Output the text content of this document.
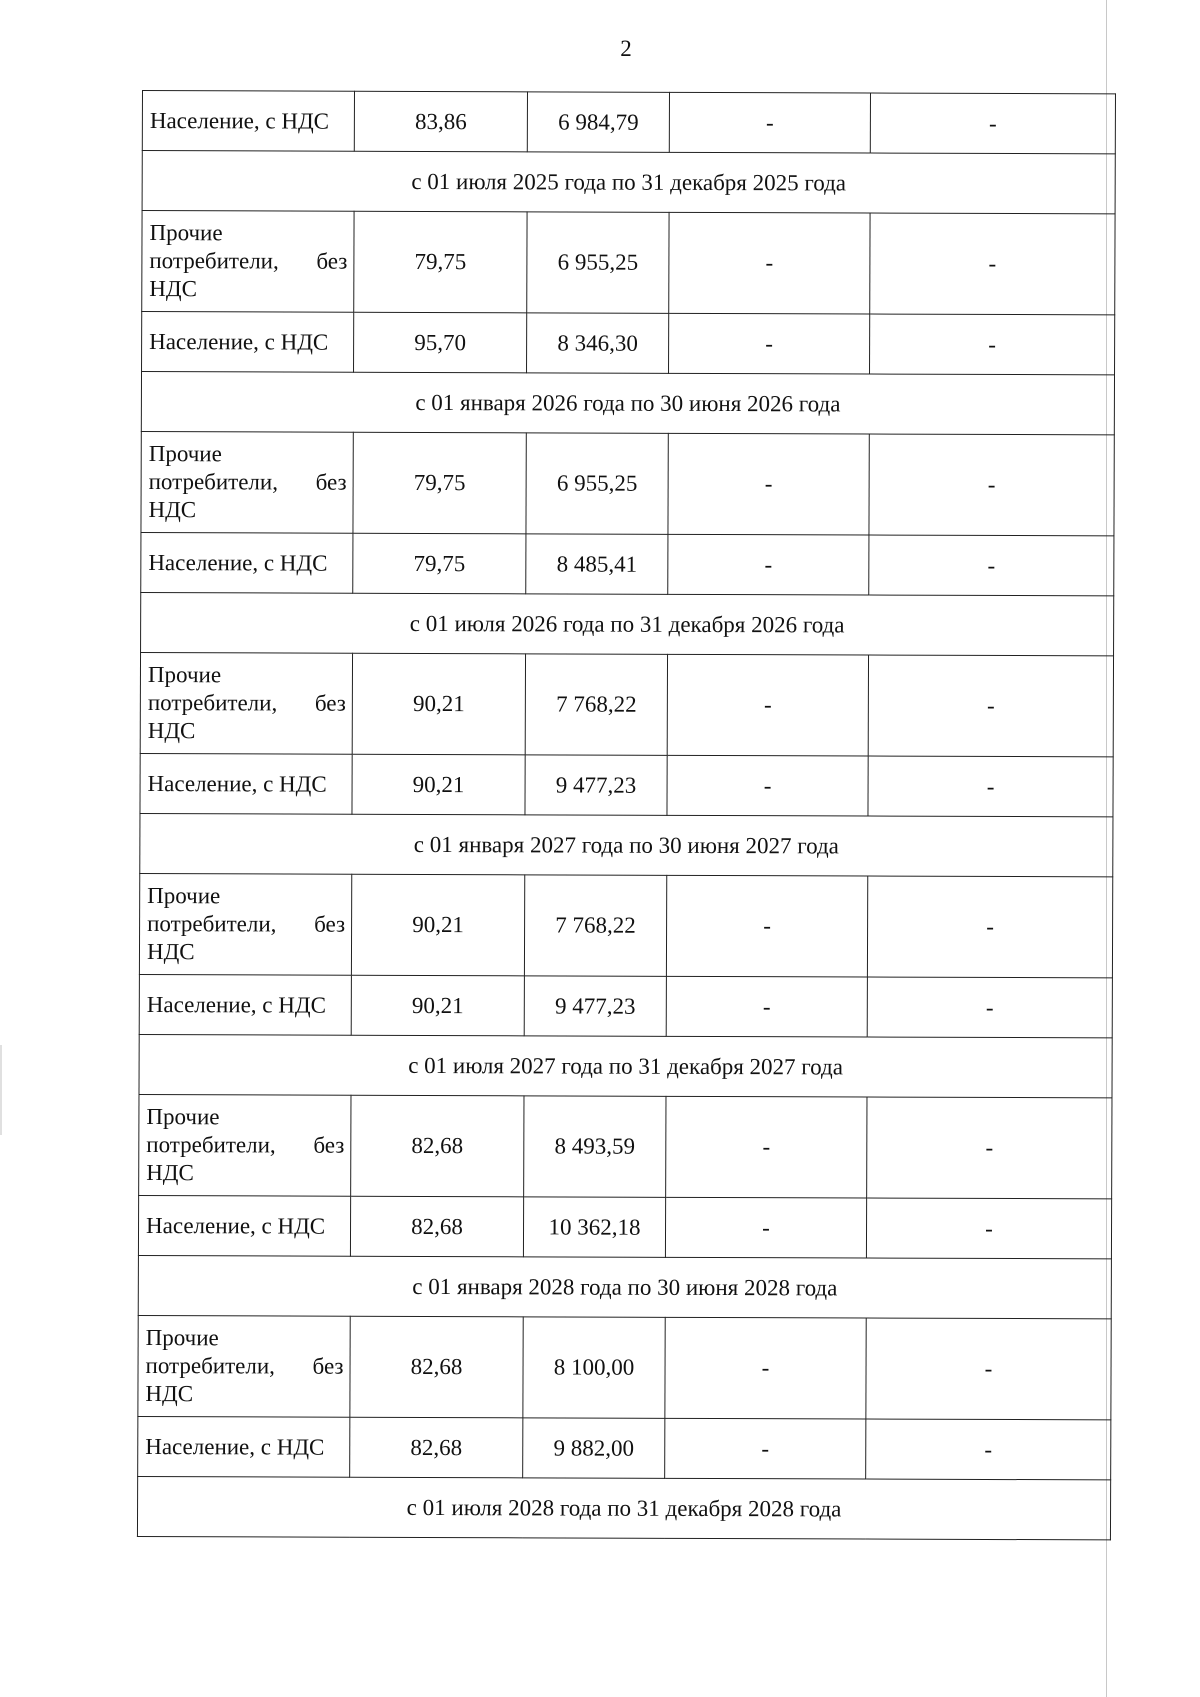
2
Население, с НДС	83,86	6 984,79	-	-
с 01 июля 2025 года по 31 декабря 2025 года				
Прочие потребители, без НДС	79,75	6 955,25	-	-
Население, с НДС	95,70	8 346,30	-	-
с 01 января 2026 года по 30 июня 2026 года				
Прочие потребители, без НДС	79,75	6 955,25	-	-
Население, с НДС	79,75	8 485,41	-	-
с 01 июля 2026 года по 31 декабря 2026 года				
Прочие потребители, без НДС	90,21	7 768,22	-	-
Население, с НДС	90,21	9 477,23	-	-
с 01 января 2027 года по 30 июня 2027 года				
Прочие потребители, без НДС	90,21	7 768,22	-	-
Население, с НДС	90,21	9 477,23	-	-
с 01 июля 2027 года по 31 декабря 2027 года				
Прочие потребители, без НДС	82,68	8 493,59	-	-
Население, с НДС	82,68	10 362,18	-	-
с 01 января 2028 года по 30 июня 2028 года				
Прочие потребители, без НДС	82,68	8 100,00	-	-
Население, с НДС	82,68	9 882,00	-	-
с 01 июля 2028 года по 31 декабря 2028 года				
